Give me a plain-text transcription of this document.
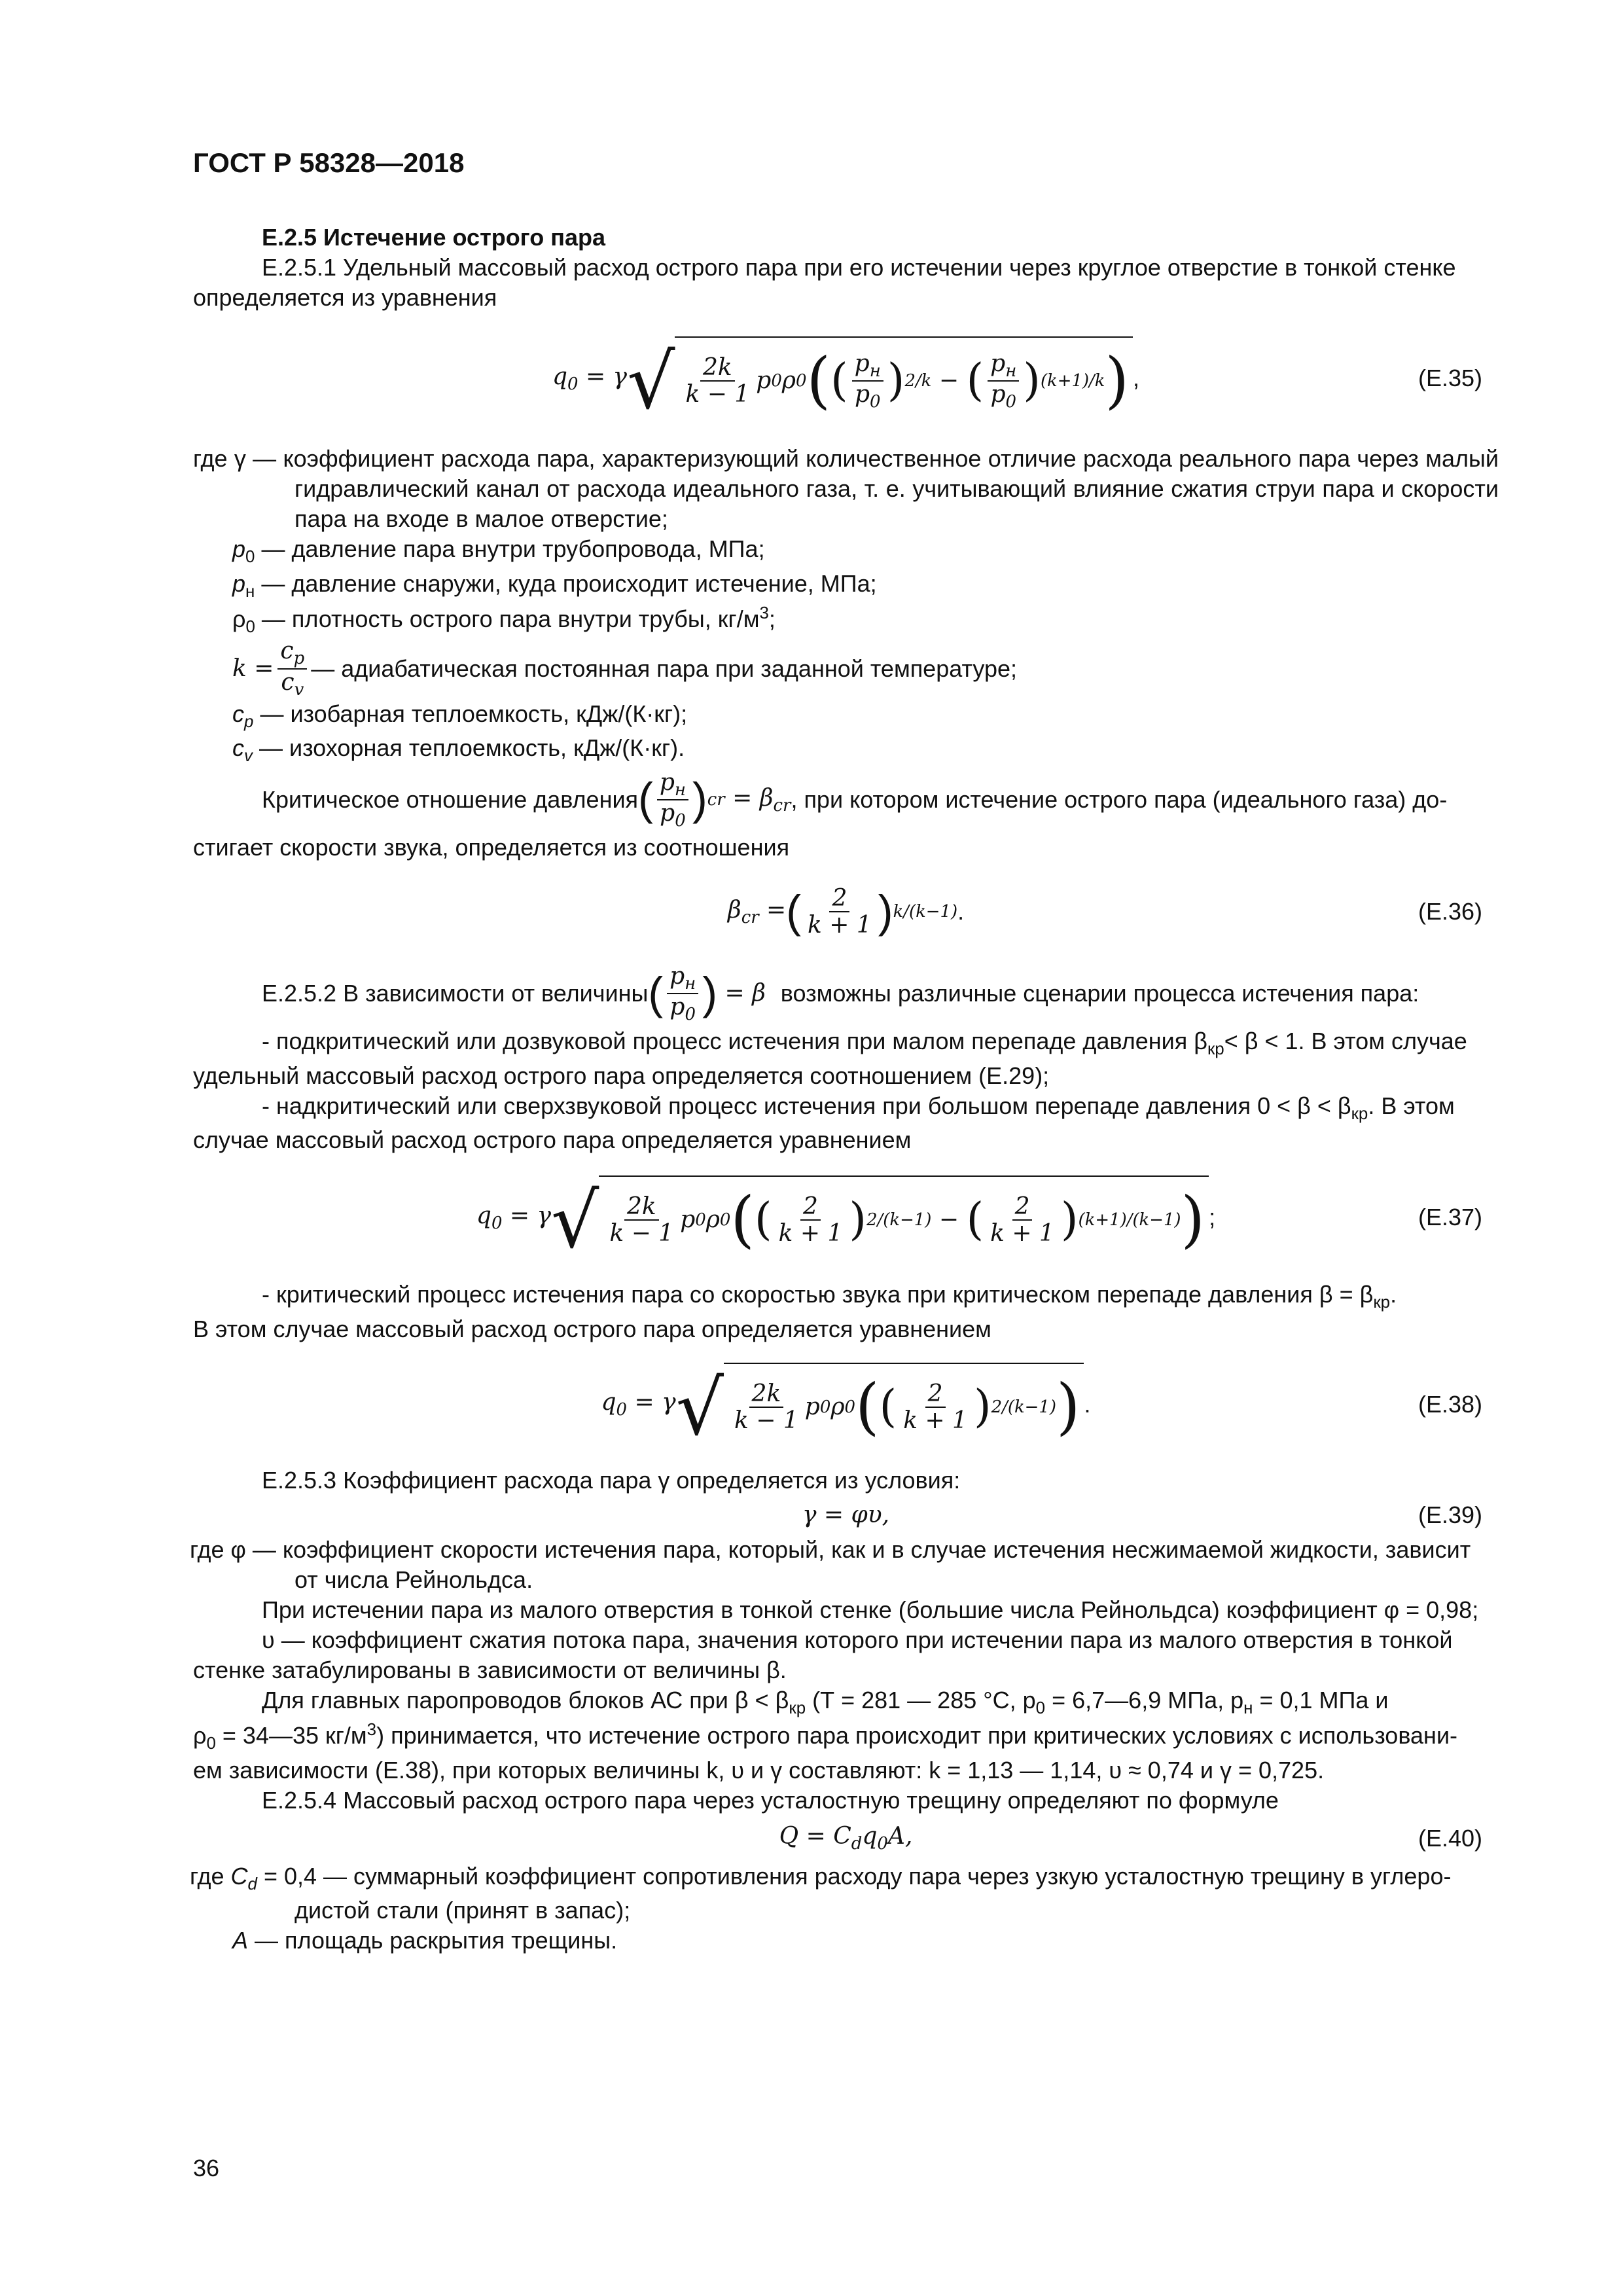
ГОСТ Р 58328—2018

Е.2.5 Истечение острого пара

Е.2.5.1 Удельный массовый расход острого пара при его истечении через круглое отверстие в тонкой стенке

определяется из уравнения

$q_0 = \gamma$ √ $\frac{2k}{k - 1}$ p 0 ρ 0 ( ( $\frac{p_н}{p_0}$ ) 2/k − ( $\frac{p_н}{p_0}$ ) (k+1)/k ) ,	(Е.35)

где γ — коэффициент расхода пара, характеризующий количественное отличие расхода реального пара через малый гидравлический канал от расхода идеального газа, т. е. учитывающий влияние сжатия струи пара и скорости пара на входе в малое отверстие;

$р_0$ — давление пара внутри трубопровода, МПа;

$р_н$ — давление снаружи, куда происходит истечение, МПа;

$\rho_0$ — плотность острого пара внутри трубы, $кг/м^3$;

$k = \frac{c_p}{c_v}$ — адиабатическая постоянная пара при заданной температуре;

$с_р$ — изобарная теплоемкость, кДж/(К·кг);

$с_v$ — изохорная теплоемкость, кДж/(К·кг).

Критическое отношение давления ( $\frac{p_н}{p_0}$ ) cr = $\beta_{cr}$ , при котором истечение острого пара (идеального газа) до-

стигает скорости звука, определяется из соотношения

$\beta_{cr}$ = ( $\frac{2}{k + 1}$ ) k/(k−1) .	(Е.36)
Е.2.5.2 В зависимости от величины ( $\frac{p_н}{p_0}$ ) = β возможны различные сценарии процесса истечения пара:

- подкритический или дозвуковой процесс истечения при малом перепаде давления $\beta_{кр}< \beta < 1$. В этом случае

удельный массовый расход острого пара определяется соотношением (Е.29);

- надкритический или сверхзвуковой процесс истечения при большом перепаде давления $0 < \beta < \beta_{кр}$. В этом

случае массовый расход острого пара определяется уравнением

$q_0 = \gamma$ √ $\frac{2k}{k - 1}$ p 0 ρ 0 ( ( $\frac{2}{k + 1}$ ) 2/(k−1) − ( $\frac{2}{k + 1}$ ) (k+1)/(k−1) ) ;	(Е.37)

- критический процесс истечения пара со скоростью звука при критическом перепаде давления $\beta = \beta_{кр}$.

В этом случае массовый расход острого пара определяется уравнением

$q_0 = \gamma$ √ $\frac{2k}{k - 1}$ p 0 ρ 0 ( ( $\frac{2}{k + 1}$ ) 2/(k−1) ) .	(Е.38)

Е.2.5.3 Коэффициент расхода пара γ определяется из условия:

γ = φυ,	(Е.39)

где φ — коэффициент скорости истечения пара, который, как и в случае истечения несжимаемой жидкости, зависит от числа Рейнольдса.

При истечении пара из малого отверстия в тонкой стенке (большие числа Рейнольдса) коэффициент φ = 0,98;

υ — коэффициент сжатия потока пара, значения которого при истечении пара из малого отверстия в тонкой

стенке затабулированы в зависимости от величины β.

Для главных паропроводов блоков АС при $\beta < \beta_{кр}$ (Т = 281 — 285 °С, $р_0$ = 6,7—6,9 МПа, $р_н = 0,1$ МПа и

$\rho_0$ = 34—35 $кг/м^3$) принимается, что истечение острого пара происходит при критических условиях с использовани-

ем зависимости (Е.38), при которых величины k, υ и γ составляют: k = 1,13 — 1,14, υ ≈ 0,74 и γ = 0,725.

Е.2.5.4 Массовый расход острого пара через усталостную трещину определяют по формуле

$Q = C_dq_0A$,	(Е.40)

где $C_d = 0,4$ — суммарный коэффициент сопротивления расходу пара через узкую усталостную трещину в углеро-

дистой стали (принят в запас);

А — площадь раскрытия трещины.

36
